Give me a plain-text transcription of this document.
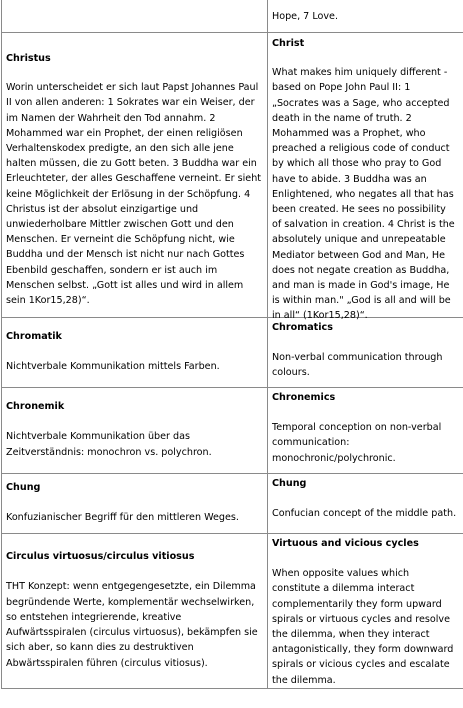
Hope, 7 Love.

Christus

Worin unterscheidet er sich laut Papst Johannes Paul II von allen anderen: 1 Sokrates war ein Weiser, der im Namen der Wahrheit den Tod annahm. 2 Mohammed war ein Prophet, der einen religiösen Verhaltenskodex predigte, an den sich alle jene halten müssen, die zu Gott beten. 3 Buddha war ein Erleuchteter, der alles Geschaffene verneint. Er sieht keine Möglichkeit der Erlösung in der Schöpfung. 4 Christus ist der absolut einzigartige und unwiederholbare Mittler zwischen Gott und den Menschen. Er verneint die Schöpfung nicht, wie Buddha und der Mensch ist nicht nur nach Gottes Ebenbild geschaffen, sondern er ist auch im Menschen selbst. „Gott ist alles und wird in allem sein 1Kor15,28)“.

Christ

What makes him uniquely different - based on Pope John Paul II: 1 „Socrates was a Sage, who accepted death in the name of truth. 2 Mohammed was a Prophet, who preached a religious code of conduct by which all those who pray to God have to abide. 3 Buddha was an Enlightened, who negates all that has been created. He sees no possibility of salvation in creation. 4 Christ is the absolutely unique and unrepeatable Mediator between God and Man, He does not negate creation as Buddha, and man is made in God's image, He is within man." „God is all and will be in all“ (1Kor15,28)“.

Chromatik

Nichtverbale Kommunikation mittels Farben.

Chromatics

Non-verbal communication through colours.

Chronemik

Nichtverbale Kommunikation über das Zeitverständnis: monochron vs. polychron.

Chronemics

Temporal conception on non-verbal communication: monochronic/polychronic.

Chung

Konfuzianischer Begriff für den mittleren Weges.

Chung

Confucian concept of the middle path.

Circulus virtuosus/circulus vitiosus

THT Konzept: wenn entgegengesetzte, ein Dilemma begründende Werte, komplementär wechselwirken, so entstehen integrierende, kreative Aufwärtsspiralen (circulus virtuosus), bekämpfen sie sich aber, so kann dies zu destruktiven Abwärtsspiralen führen (circulus vitiosus).

Virtuous and vicious cycles

When opposite values which constitute a dilemma interact complementarily they form upward spirals or virtuous cycles and resolve the dilemma, when they interact antagonistically, they form downward spirals or vicious cycles and escalate the dilemma.
